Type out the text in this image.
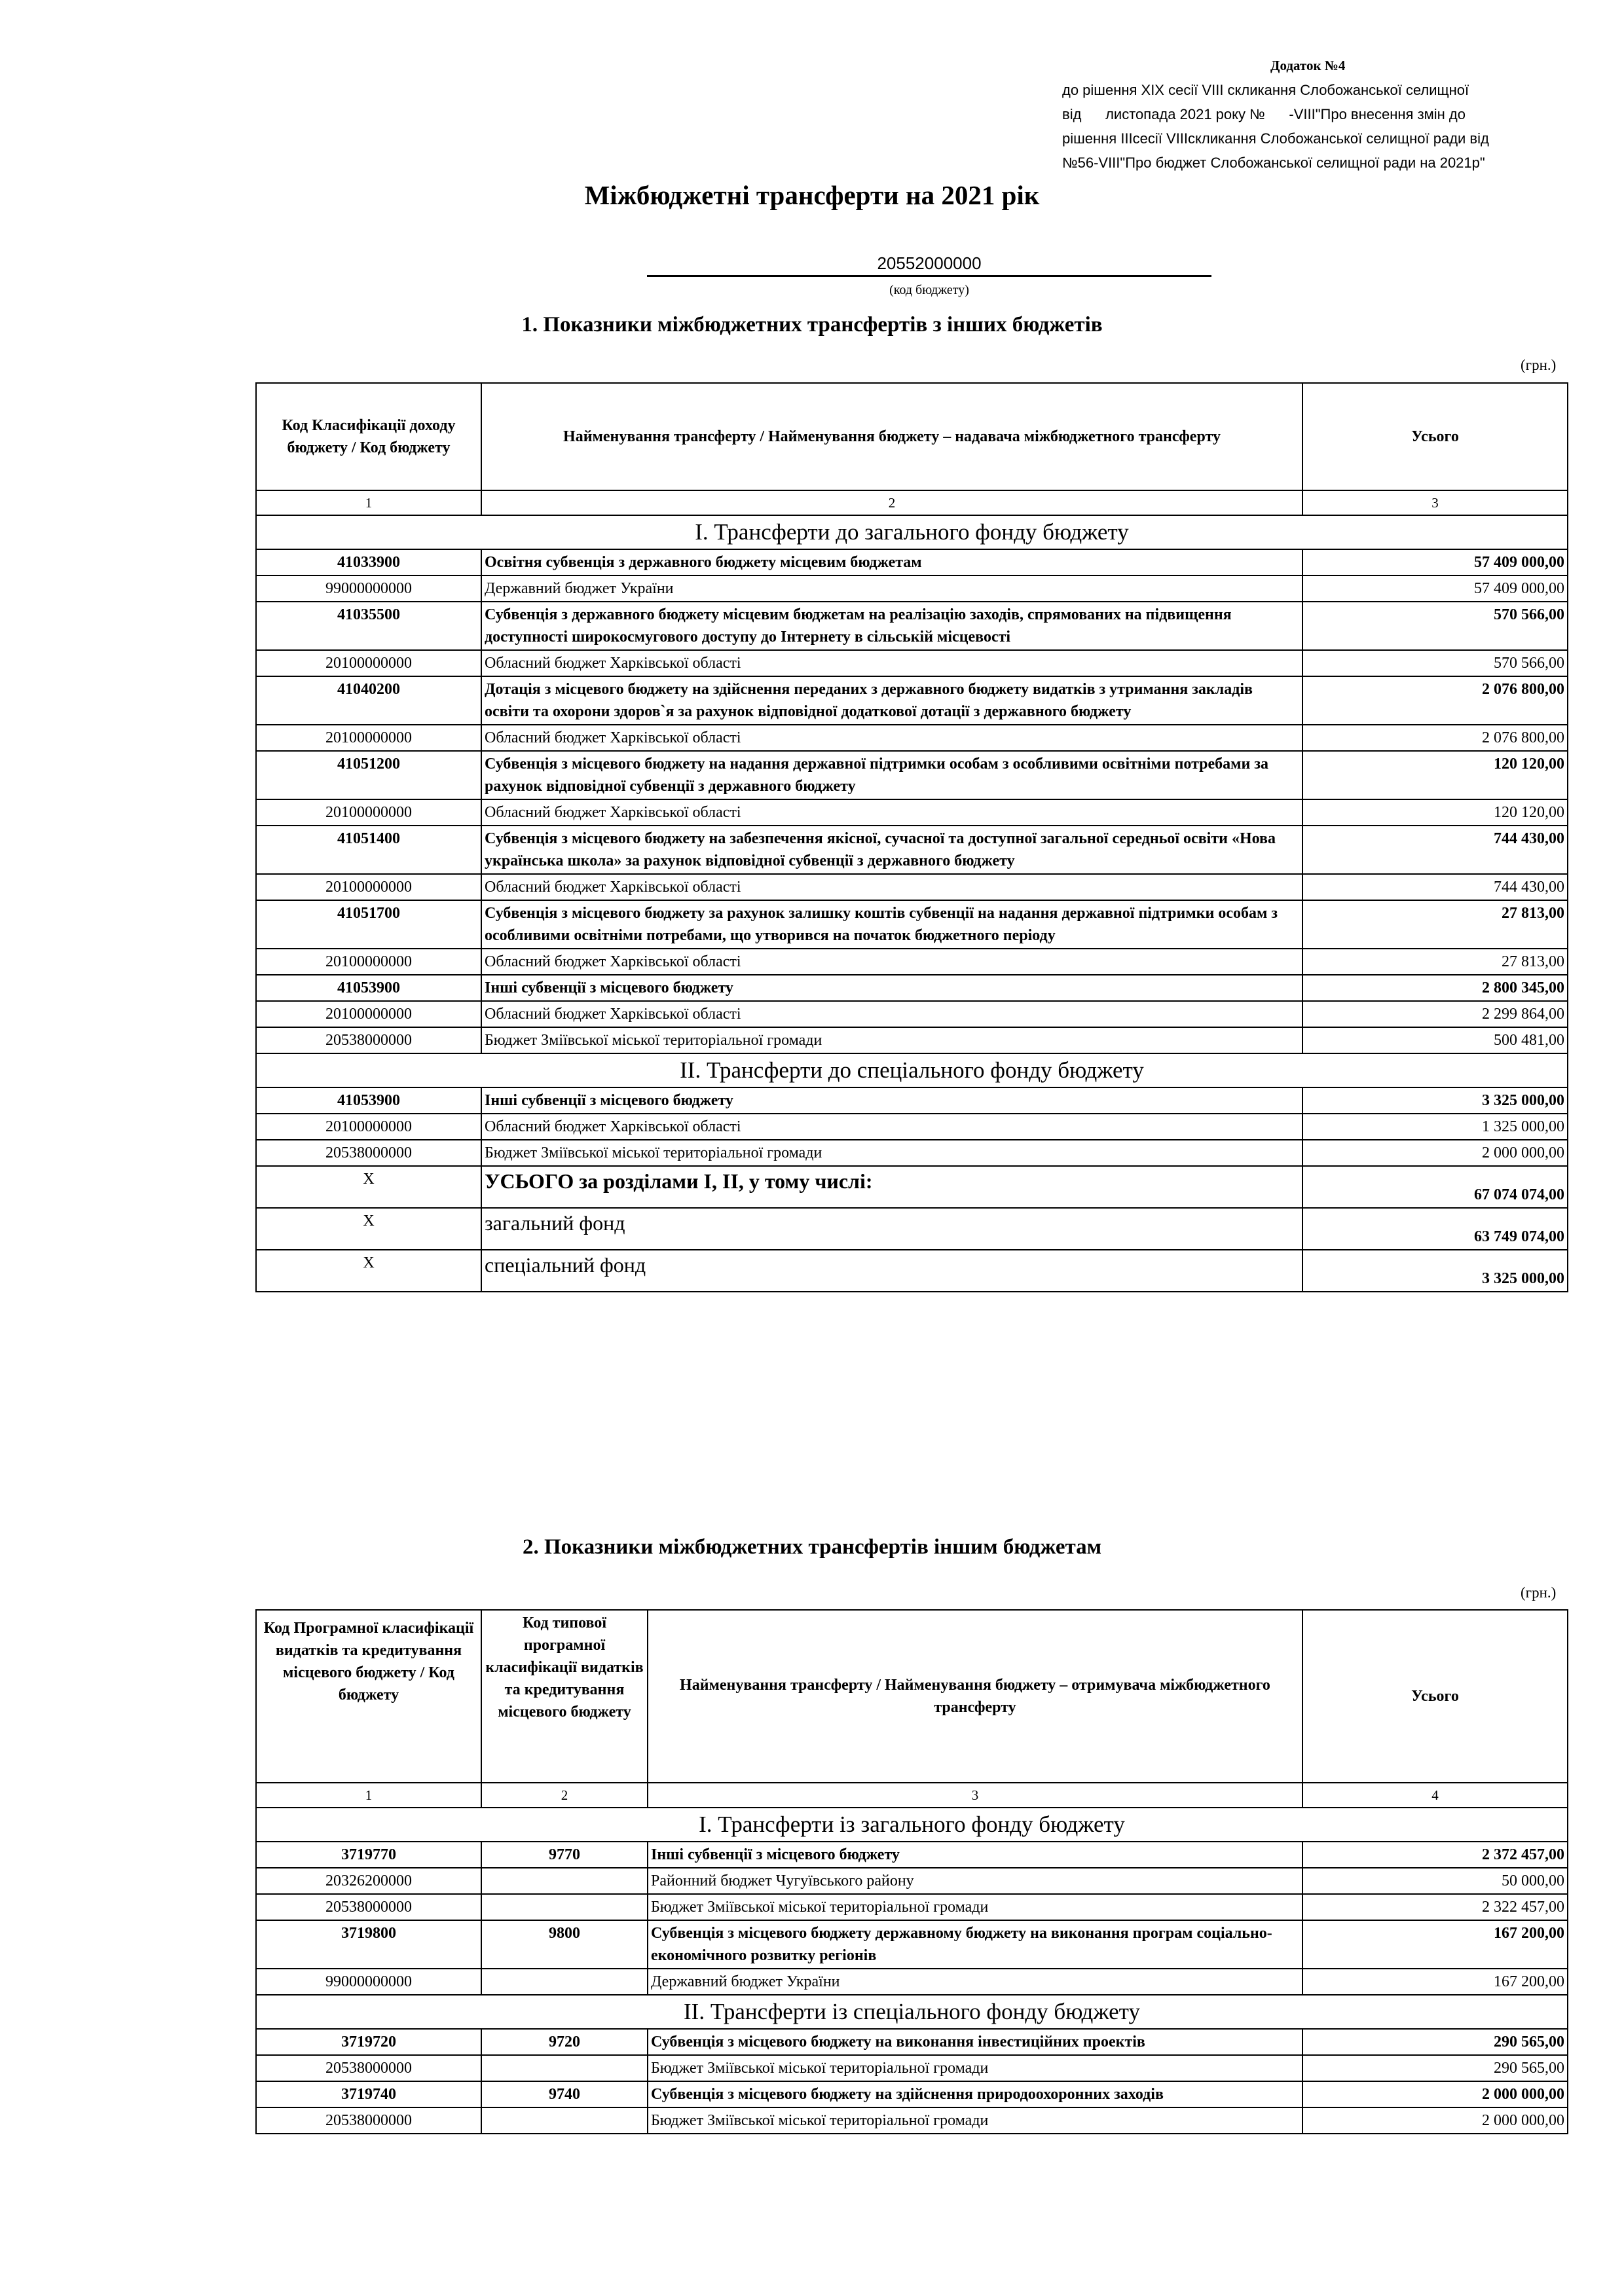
Додаток №4
до рішення XIX сесії VIII скликання Слобожанської селищної
від      листопада 2021 року №      -VIII"Про внесення змін до
рішення IIIсесії VIIIскликання Слобожанської селищної ради від
№56-VIII"Про бюджет Слобожанської селищної ради на 2021р"
Міжбюджетні трансферти на 2021 рік
20552000000
(код бюджету)
1. Показники міжбюджетних трансфертів з інших бюджетів
(грн.)
Код Класифікації доходу бюджету / Код бюджету	Найменування трансферту / Найменування бюджету – надавача міжбюджетного трансферту	Усього
1	2	3
I. Трансферти до загального фонду бюджету		
41033900	Освітня субвенція з державного бюджету місцевим бюджетам	57 409 000,00
99000000000	Державний бюджет України	57 409 000,00
41035500	Субвенція з державного бюджету місцевим бюджетам на реалізацію заходів, спрямованих на підвищення доступності широкосмугового доступу до Інтернету в сільській місцевості	570 566,00
20100000000	Обласний бюджет Харківської області	570 566,00
41040200	Дотація з місцевого бюджету на здійснення переданих з державного бюджету видатків з утримання закладів освіти та охорони здоров`я за рахунок відповідної додаткової дотації з державного бюджету	2 076 800,00
20100000000	Обласний бюджет Харківської області	2 076 800,00
41051200	Субвенція з місцевого бюджету на надання державної підтримки особам з особливими освітніми потребами за рахунок відповідної субвенції з державного бюджету	120 120,00
20100000000	Обласний бюджет Харківської області	120 120,00
41051400	Субвенція з місцевого бюджету на забезпечення якісної, сучасної та доступної загальної середньої освіти «Нова українська школа» за рахунок відповідної субвенції з державного бюджету	744 430,00
20100000000	Обласний бюджет Харківської області	744 430,00
41051700	Субвенція з місцевого бюджету за рахунок залишку коштів субвенції на надання державної підтримки особам з особливими освітніми потребами, що утворився на початок бюджетного періоду	27 813,00
20100000000	Обласний бюджет Харківської області	27 813,00
41053900	Інші субвенції з місцевого бюджету	2 800 345,00
20100000000	Обласний бюджет Харківської області	2 299 864,00
20538000000	Бюджет Зміївської міської територіальної громади	500 481,00
II. Трансферти до спеціального фонду бюджету		
41053900	Інші субвенції з місцевого бюджету	3 325 000,00
20100000000	Обласний бюджет Харківської області	1 325 000,00
20538000000	Бюджет Зміївської міської територіальної громади	2 000 000,00
X	УСЬОГО за розділами I, II, у тому числі:	67 074 074,00
X	загальний фонд	63 749 074,00
X	спеціальний фонд	3 325 000,00
2. Показники міжбюджетних трансфертів іншим бюджетам
(грн.)
Код Програмної класифікації видатків та кредитування місцевого бюджету / Код бюджету	Код типової програмної класифікації видатків та кредитування місцевого бюджету	Найменування трансферту / Найменування бюджету – отримувача міжбюджетного трансферту	Усього
1	2	3	4
I. Трансферти із загального фонду бюджету			
3719770	9770	Інші субвенції з місцевого бюджету	2 372 457,00
20326200000		Районний бюджет Чугуївського району	50 000,00
20538000000		Бюджет Зміївської міської територіальної громади	2 322 457,00
3719800	9800	Субвенція з місцевого бюджету державному бюджету на виконання програм соціально-економічного розвитку регіонів	167 200,00
99000000000		Державний бюджет України	167 200,00
II. Трансферти із спеціального фонду бюджету			
3719720	9720	Субвенція з місцевого бюджету на виконання інвестиційних проектів	290 565,00
20538000000		Бюджет Зміївської міської територіальної громади	290 565,00
3719740	9740	Субвенція з місцевого бюджету на здійснення природоохоронних заходів	2 000 000,00
20538000000		Бюджет Зміївської міської територіальної громади	2 000 000,00
